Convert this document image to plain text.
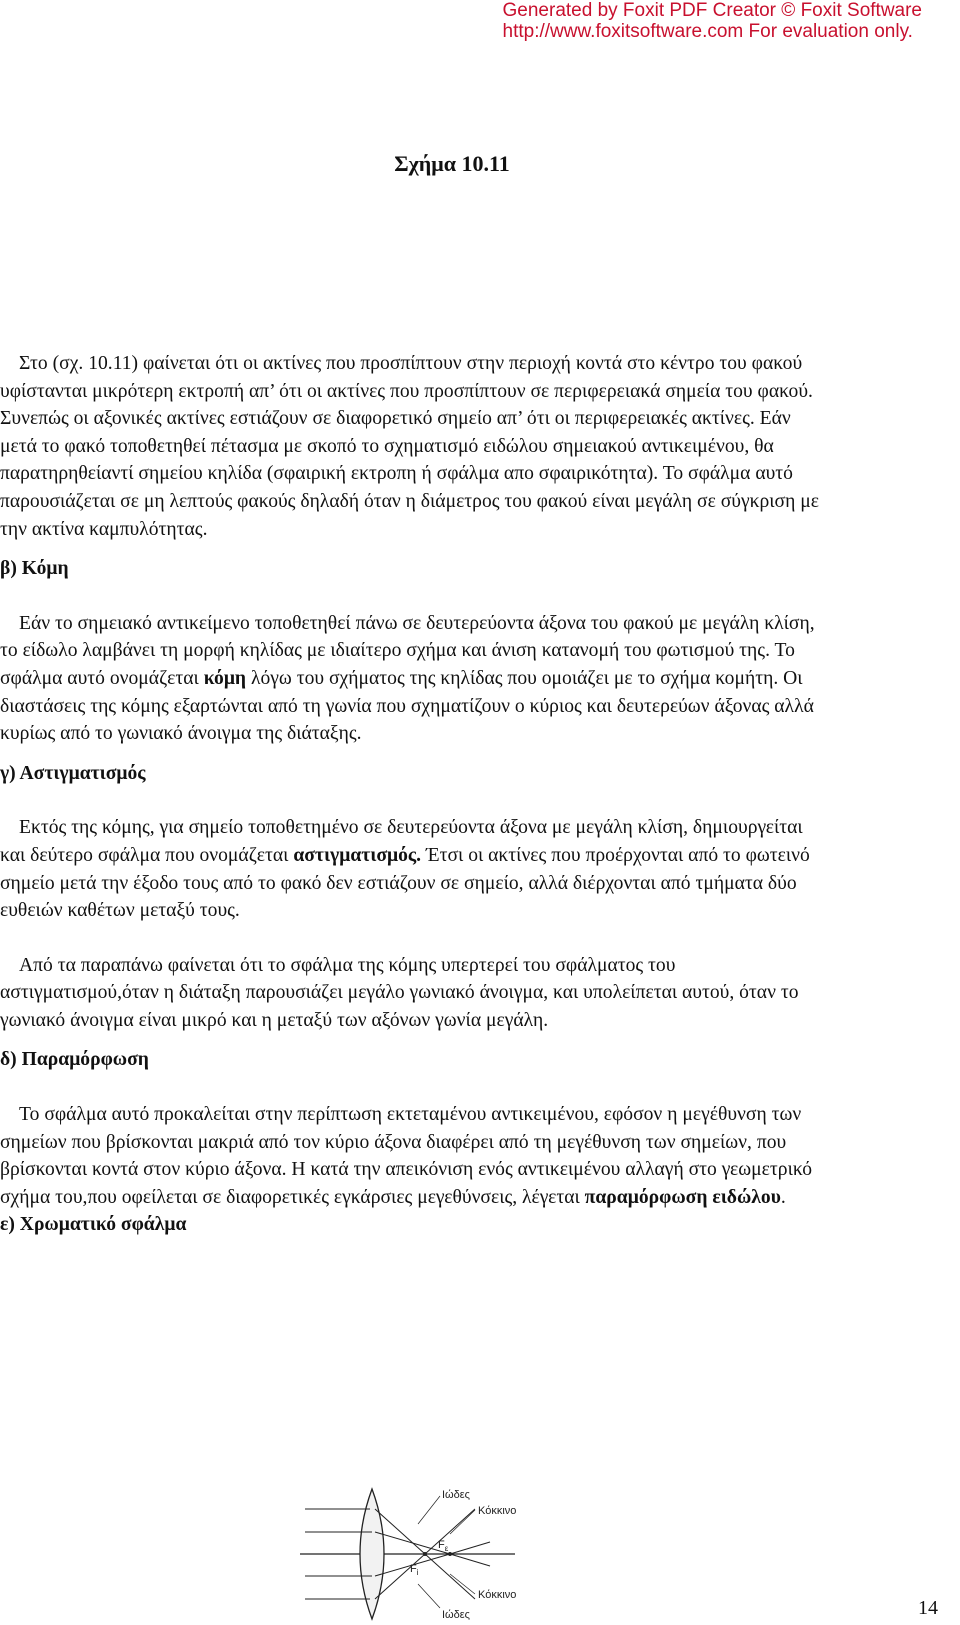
Generated by Foxit PDF Creator © Foxit Software
http://www.foxitsoftware.com For evaluation only.
Σχήμα 10.11

Στο (σχ. 10.11) φαίνεται ότι οι ακτίνες που προσπίπτουν στην περιοχή κοντά στο κέντρο του φακού υφίστανται μικρότερη εκτροπή απ’ ότι οι ακτίνες που προσπίπτουν σε περιφερειακά σημεία του φακού. Συνεπώς οι αξονικές ακτίνες εστιάζουν σε διαφορετικό σημείο απ’ ότι οι περιφερειακές ακτίνες. Εάν μετά το φακό τοποθετηθεί πέτασμα με σκοπό το σχηματισμό ειδώλου σημειακού αντικειμένου, θα παρατηρηθείαντί σημείου κηλίδα (σφαιρική εκτροπη ή σφάλμα απο σφαιρικότητα). Το σφάλμα αυτό παρουσιάζεται σε μη λεπτούς φακούς δηλαδή όταν η διάμετρος του φακού είναι μεγάλη σε σύγκριση με την ακτίνα καμπυλότητας.

β) Κόμη

Εάν το σημειακό αντικείμενο τοποθετηθεί πάνω σε δευτερεύοντα άξονα του φακού με μεγάλη κλίση, το είδωλο λαμβάνει τη μορφή κηλίδας με ιδιαίτερο σχήμα και άνιση κατανομή του φωτισμού της. Το σφάλμα αυτό ονομάζεται κόμη λόγω του σχήματος της κηλίδας που ομοιάζει με το σχήμα κομήτη. Οι διαστάσεις της κόμης εξαρτώνται από τη γωνία που σχηματίζουν ο κύριος και δευτερεύων άξονας αλλά κυρίως από το γωνιακό άνοιγμα της διάταξης.

γ) Αστιγματισμός

Εκτός της κόμης, για σημείο τοποθετημένο σε δευτερεύοντα άξονα με μεγάλη κλίση, δημιουργείται και δεύτερο σφάλμα που ονομάζεται αστιγματισμός. Έτσι οι ακτίνες που προέρχονται από το φωτεινό σημείο μετά την έξοδο τους από το φακό δεν εστιάζουν σε σημείο, αλλά διέρχονται από τμήματα δύο ευθειών καθέτων μεταξύ τους.

Από τα παραπάνω φαίνεται ότι το σφάλμα της κόμης υπερτερεί του σφάλματος του αστιγματισμού,όταν η διάταξη παρουσιάζει μεγάλο γωνιακό άνοιγμα, και υπολείπεται αυτού, όταν το γωνιακό άνοιγμα είναι μικρό και η μεταξύ των αξόνων γωνία μεγάλη.

δ) Παραμόρφωση

Το σφάλμα αυτό προκαλείται στην περίπτωση εκτεταμένου αντικειμένου, εφόσον η μεγέθυνση των σημείων που βρίσκονται μακριά από τον κύριο άξονα διαφέρει από τη μεγέθυνση των σημείων, που βρίσκονται κοντά στον κύριο άξονα. Η κατά την απεικόνιση ενός αντικειμένου αλλαγή στο γεωμετρικό σχήμα του,που οφείλεται σε διαφορετικές εγκάρσιες μεγεθύνσεις, λέγεται παραμόρφωση ειδώλου.

ε) Χρωματικό σφάλμα

Ιώδες
Κόκκινο
$F_\varepsilon$
$F_i$
Κόκκινο
Ιώδες	14
